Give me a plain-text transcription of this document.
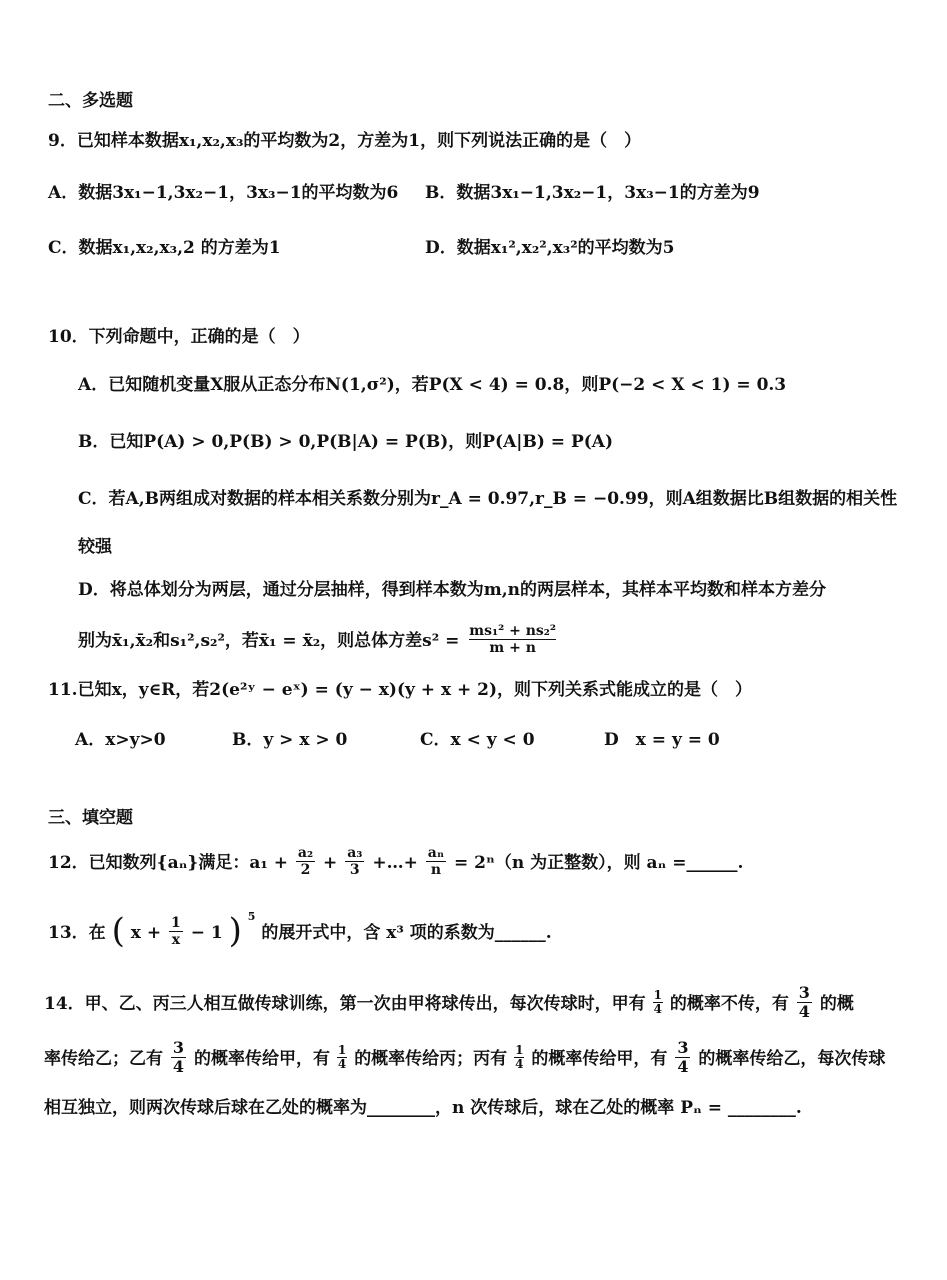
二、多选题
9．已知样本数据x₁,x₂,x₃的平均数为2，方差为1，则下列说法正确的是（　）
A．数据3x₁−1,3x₂−1，3x₃−1的平均数为6 B．数据3x₁−1,3x₂−1，3x₃−1的方差为9
C．数据x₁,x₂,x₃,2 的方差为1	D．数据x₁²,x₂²,x₃²的平均数为5
10．下列命题中，正确的是（　）
A．已知随机变量X服从正态分布N(1,σ²)，若P(X < 4) = 0.8，则P(−2 < X < 1) = 0.3
B．已知P(A) > 0,P(B) > 0,P(B|A) = P(B)，则P(A|B) = P(A)
C．若A,B两组成对数据的样本相关系数分别为r_A = 0.97,r_B = −0.99，则A组数据比B组数据的相关性
较强
D．将总体划分为两层，通过分层抽样，得到样本数为m,n的两层样本，其样本平均数和样本方差分
别为x̄₁,x̄₂和s₁²,s₂²，若x̄₁ = x̄₂，则总体方差$s^2 = \frac{\text{ms₁² + ns₂²}}{m + n}$
11.已知x，y∈R，若2(e²ʸ − eˣ) = (y − x)(y + x + 2)，则下列关系式能成立的是（　）
A．x>y>0	B．y > x > 0	C．x < y < 0	D　x = y = 0
三、填空题
12．已知数列{aₙ}满足：$a_1 + \frac{\text{a₂}}{2} + \frac{\text{a₃}}{3}$ +…+ $\frac{\text{aₙ}}{n} = 2^n(n$ 为正整数），则 aₙ =______.
13．在 ( $x + \frac{1}{x} - 1$ ) $^5$ 的展开式中，含 x³ 项的系数为______.
14．甲、乙、丙三人相互做传球训练，第一次由甲将球传出，每次传球时，甲有 $\frac{1}{4}$ 的概率不传，有 $\frac{3}{4}$ 的概
率传给乙；乙有 $\frac{3}{4}$ 的概率传给甲，有 $\frac{1}{4}$ 的概率传给丙；丙有 $\frac{1}{4}$ 的概率传给甲，有 $\frac{3}{4}$ 的概率传给乙，每次传球
相互独立，则两次传球后球在乙处的概率为________，n 次传球后，球在乙处的概率 Pₙ = ________.
